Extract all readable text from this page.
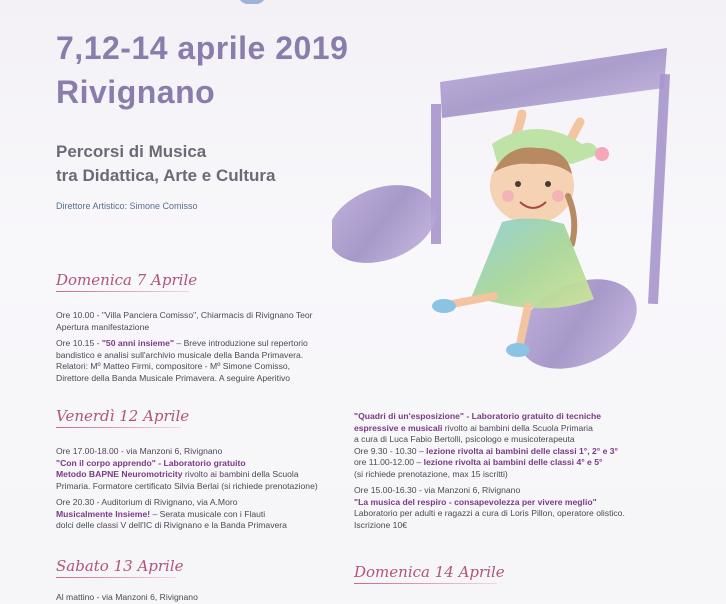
7,12-14 aprile 2019
Rivignano
Percorsi di Musica
tra Didattica, Arte e Cultura
Direttore Artistico: Simone Comisso
Domenica 7 Aprile

Ore 10.00 - "Villa Panciera Comisso", Chiarmacis di Rivignano Teor
Apertura manifestazione

Ore 10.15 - "50 anni insieme" – Breve introduzione sul repertorio
bandistico e analisi sull'archivio musicale della Banda Primavera.
Relatori: Mº Matteo Firmi, compositore - Mº Simone Comisso,
Direttore della Banda Musicale Primavera. A seguire Aperitivo

Venerdì 12 Aprile

Ore 17.00-18.00 - via Manzoni 6, Rivignano
"Con il corpo apprendo" - Laboratorio gratuito
Metodo BAPNE Neuromotricity rivolto ai bambini della Scuola
Primaria. Formatore certificato Silvia Berlai (si richiede prenotazione)

Ore 20.30 - Auditorium di Rivignano, via A.Moro
Musicalmente Insieme! – Serata musicale con i Flauti
dolci delle classi V dell'IC di Rivignano e la Banda Primavera

Sabato 13 Aprile
Al mattino - via Manzoni 6, Rivignano

"Quadri di un'esposizione" - Laboratorio gratuito di tecniche
espressive e musicali rivolto ai bambini della Scuola Primaria
a cura di Luca Fabio Bertolli, psicologo e musicoterapeuta
Ore 9.30 - 10.30 – lezione rivolta ai bambini delle classi 1°, 2° e 3°
ore 11.00-12.00 – lezione rivolta ai bambini delle classi 4° e 5°
(si richiede prenotazione, max 15 iscritti)

Ore 15.00-16.30 - via Manzoni 6, Rivignano
"La musica del respiro - consapevolezza per vivere meglio"
Laboratorio per adulti e ragazzi a cura di Loris Pillon, operatore olistico.
Iscrizione 10€

Domenica 14 Aprile
